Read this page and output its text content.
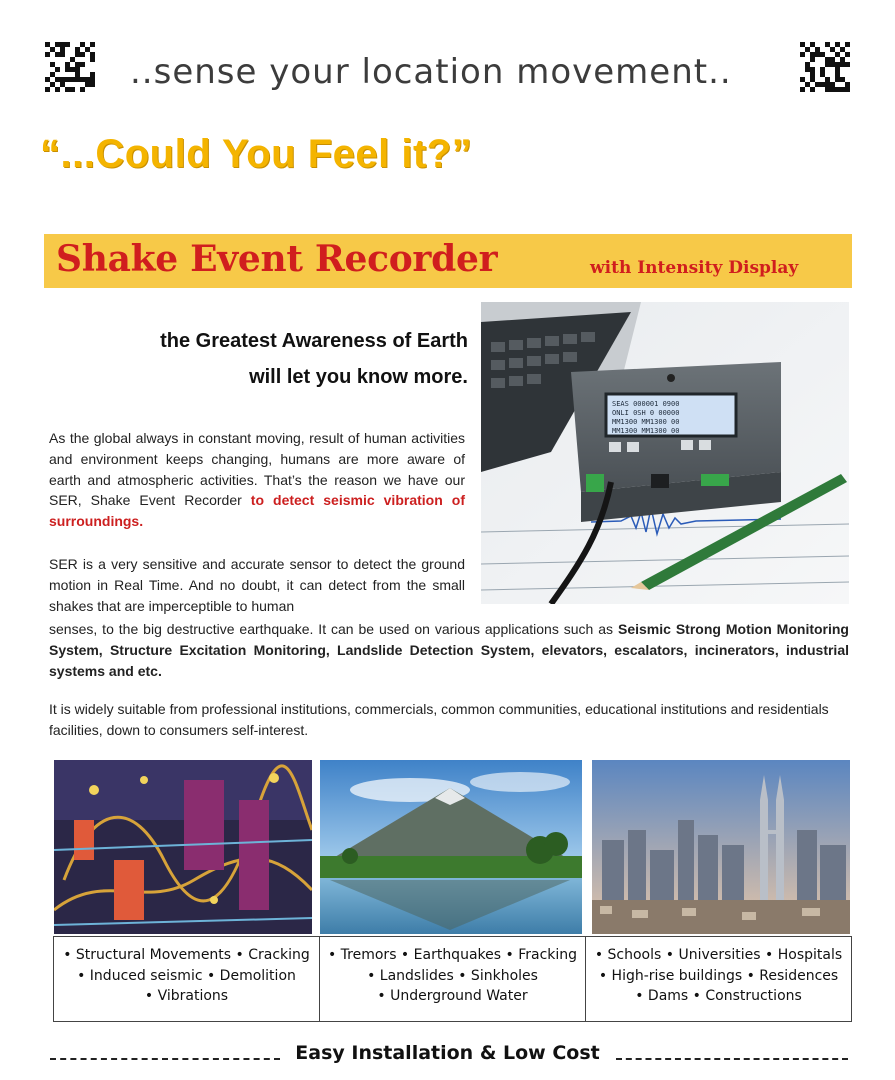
..sense your location movement..
“...Could You Feel it?”
Shake Event Recorder	with Intensity Display
SEAS 000001 0900
ONLI 0SH 0 00000
MM1300 MM1300 00
MM1300 MM1300 00
the Greatest Awareness of Earth
will let you know more.
As the global always in constant moving, result of human activities and environment keeps changing, humans are more aware of earth and atmospheric activities. That’s the reason we have our SER, Shake Event Recorder to detect seismic vibration of surroundings.
SER is a very sensitive and accurate sensor to detect the ground motion in Real Time. And no doubt, it can detect from the small shakes that are imperceptible to human
senses, to the big destructive earthquake. It can be used on various applications such as Seismic Strong Motion Monitoring System, Structure Excitation Monitoring, Landslide Detection System, elevators, escalators, incinerators, industrial systems and etc.
It is widely suitable from professional institutions, commercials, common communities, educational institutions and residentials facilities, down to consumers self-interest.
• Structural Movements • Cracking
• Induced seismic • Demolition
• Vibrations
• Tremors • Earthquakes • Fracking
• Landslides • Sinkholes
• Underground Water
• Schools • Universities • Hospitals
• High-rise buildings • Residences
• Dams • Constructions
Easy Installation & Low Cost
